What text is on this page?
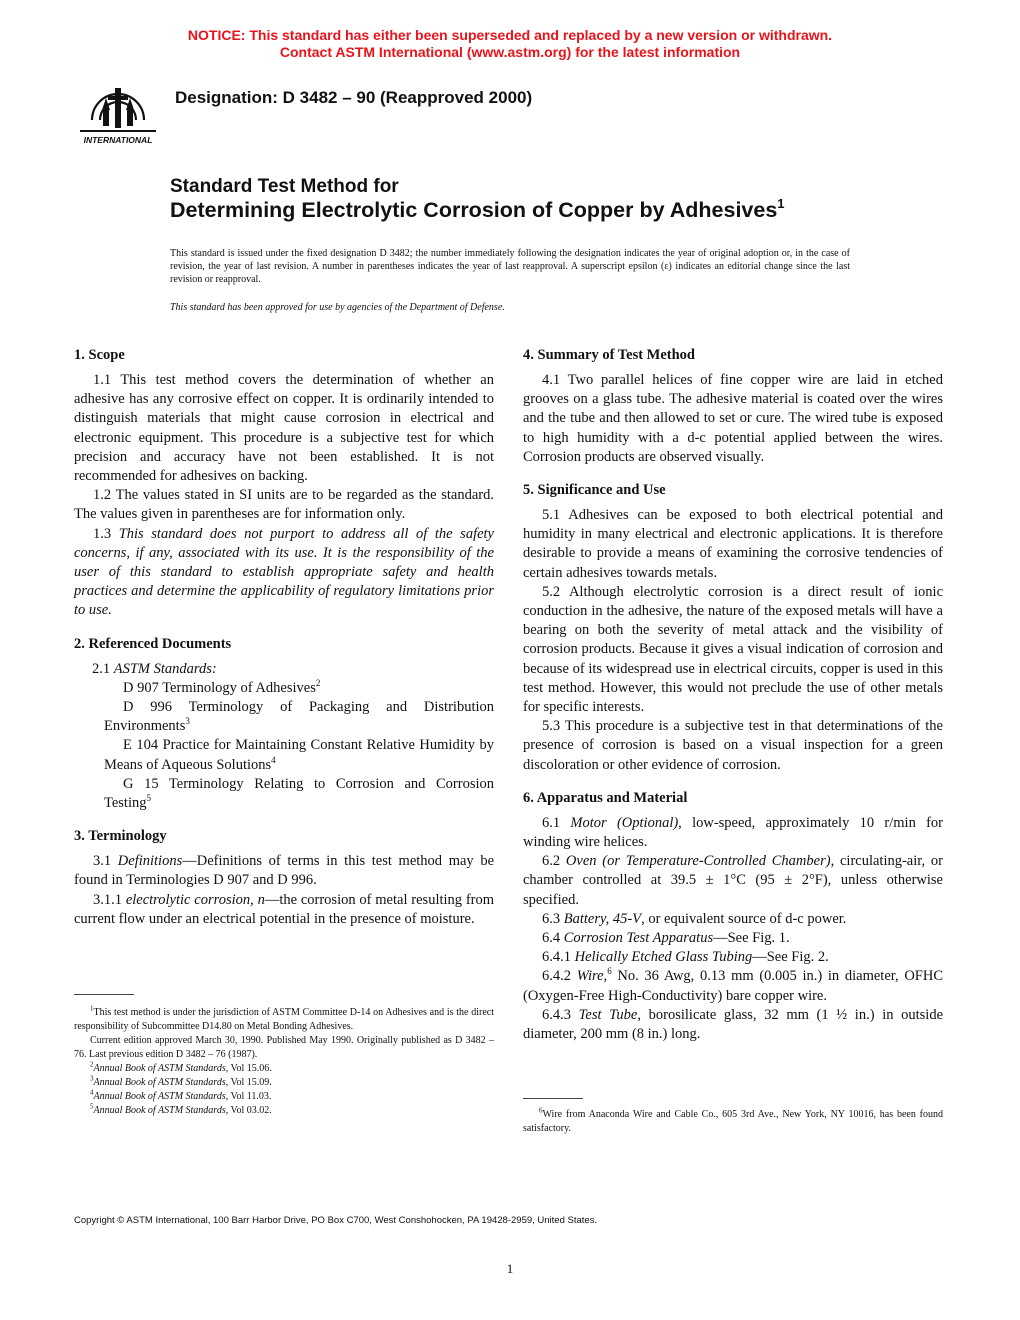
NOTICE: This standard has either been superseded and replaced by a new version or withdrawn.
Contact ASTM International (www.astm.org) for the latest information
INTERNATIONAL
Designation: D 3482 – 90 (Reapproved 2000)
Standard Test Method for
Determining Electrolytic Corrosion of Copper by Adhesives$^1$
This standard is issued under the fixed designation D 3482; the number immediately following the designation indicates the year of original adoption or, in the case of revision, the year of last revision. A number in parentheses indicates the year of last reapproval. A superscript epsilon (ε) indicates an editorial change since the last revision or reapproval.
This standard has been approved for use by agencies of the Department of Defense.
1. Scope

1.1 This test method covers the determination of whether an adhesive has any corrosive effect on copper. It is ordinarily intended to distinguish materials that might cause corrosion in electrical and electronic equipment. This procedure is a subjective test for which precision and accuracy have not been established. It is not recommended for adhesives on backing.

1.2 The values stated in SI units are to be regarded as the standard. The values given in parentheses are for information only.

1.3 This standard does not purport to address all of the safety concerns, if any, associated with its use. It is the responsibility of the user of this standard to establish appropriate safety and health practices and determine the applicability of regulatory limitations prior to use.

2. Referenced Documents

2.1 ASTM Standards:

D 907 Terminology of Adhesives$^2$

D 996 Terminology of Packaging and Distribution Environments$^3$

E 104 Practice for Maintaining Constant Relative Humidity by Means of Aqueous Solutions$^4$

G 15 Terminology Relating to Corrosion and Corrosion Testing$^5$

3. Terminology

3.1 Definitions—Definitions of terms in this test method may be found in Terminologies D 907 and D 996.

3.1.1 electrolytic corrosion, n—the corrosion of metal resulting from current flow under an electrical potential in the presence of moisture.

4. Summary of Test Method

4.1 Two parallel helices of fine copper wire are laid in etched grooves on a glass tube. The adhesive material is coated over the wires and the tube and then allowed to set or cure. The wired tube is exposed to high humidity with a d-c potential applied between the wires. Corrosion products are observed visually.

5. Significance and Use

5.1 Adhesives can be exposed to both electrical potential and humidity in many electrical and electronic applications. It is therefore desirable to provide a means of examining the corrosive tendencies of certain adhesives towards metals.

5.2 Although electrolytic corrosion is a direct result of ionic conduction in the adhesive, the nature of the exposed metals will have a bearing on both the severity of metal attack and the visibility of corrosion products. Because it gives a visual indication of corrosion and because of its widespread use in electrical circuits, copper is used in this test method. However, this would not preclude the use of other metals for specific interests.

5.3 This procedure is a subjective test in that determinations of the presence of corrosion is based on a visual inspection for a green discoloration or other evidence of corrosion.

6. Apparatus and Material

6.1 Motor (Optional), low-speed, approximately 10 r/min for winding wire helices.

6.2 Oven (or Temperature-Controlled Chamber), circulating-air, or chamber controlled at 39.5 ± 1°C (95 ± 2°F), unless otherwise specified.

6.3 Battery, 45-V, or equivalent source of d-c power.

6.4 Corrosion Test Apparatus—See Fig. 1.

6.4.1 Helically Etched Glass Tubing—See Fig. 2.

6.4.2 Wire,$^6$ No. 36 Awg, 0.13 mm (0.005 in.) in diameter, OFHC (Oxygen-Free High-Conductivity) bare copper wire.

6.4.3 Test Tube, borosilicate glass, 32 mm (1 ½ in.) in outside diameter, 200 mm (8 in.) long.

$^1$This test method is under the jurisdiction of ASTM Committee D-14 on Adhesives and is the direct responsibility of Subcommittee D14.80 on Metal Bonding Adhesives.

Current edition approved March 30, 1990. Published May 1990. Originally published as D 3482 – 76. Last previous edition D 3482 – 76 (1987).

$^2$Annual Book of ASTM Standards, Vol 15.06.

$^3$Annual Book of ASTM Standards, Vol 15.09.

$^4$Annual Book of ASTM Standards, Vol 11.03.

$^5$Annual Book of ASTM Standards, Vol 03.02.	$^6$Wire from Anaconda Wire and Cable Co., 605 3rd Ave., New York, NY 10016, has been found satisfactory.

Copyright © ASTM International, 100 Barr Harbor Drive, PO Box C700, West Conshohocken, PA 19428-2959, United States.
1
